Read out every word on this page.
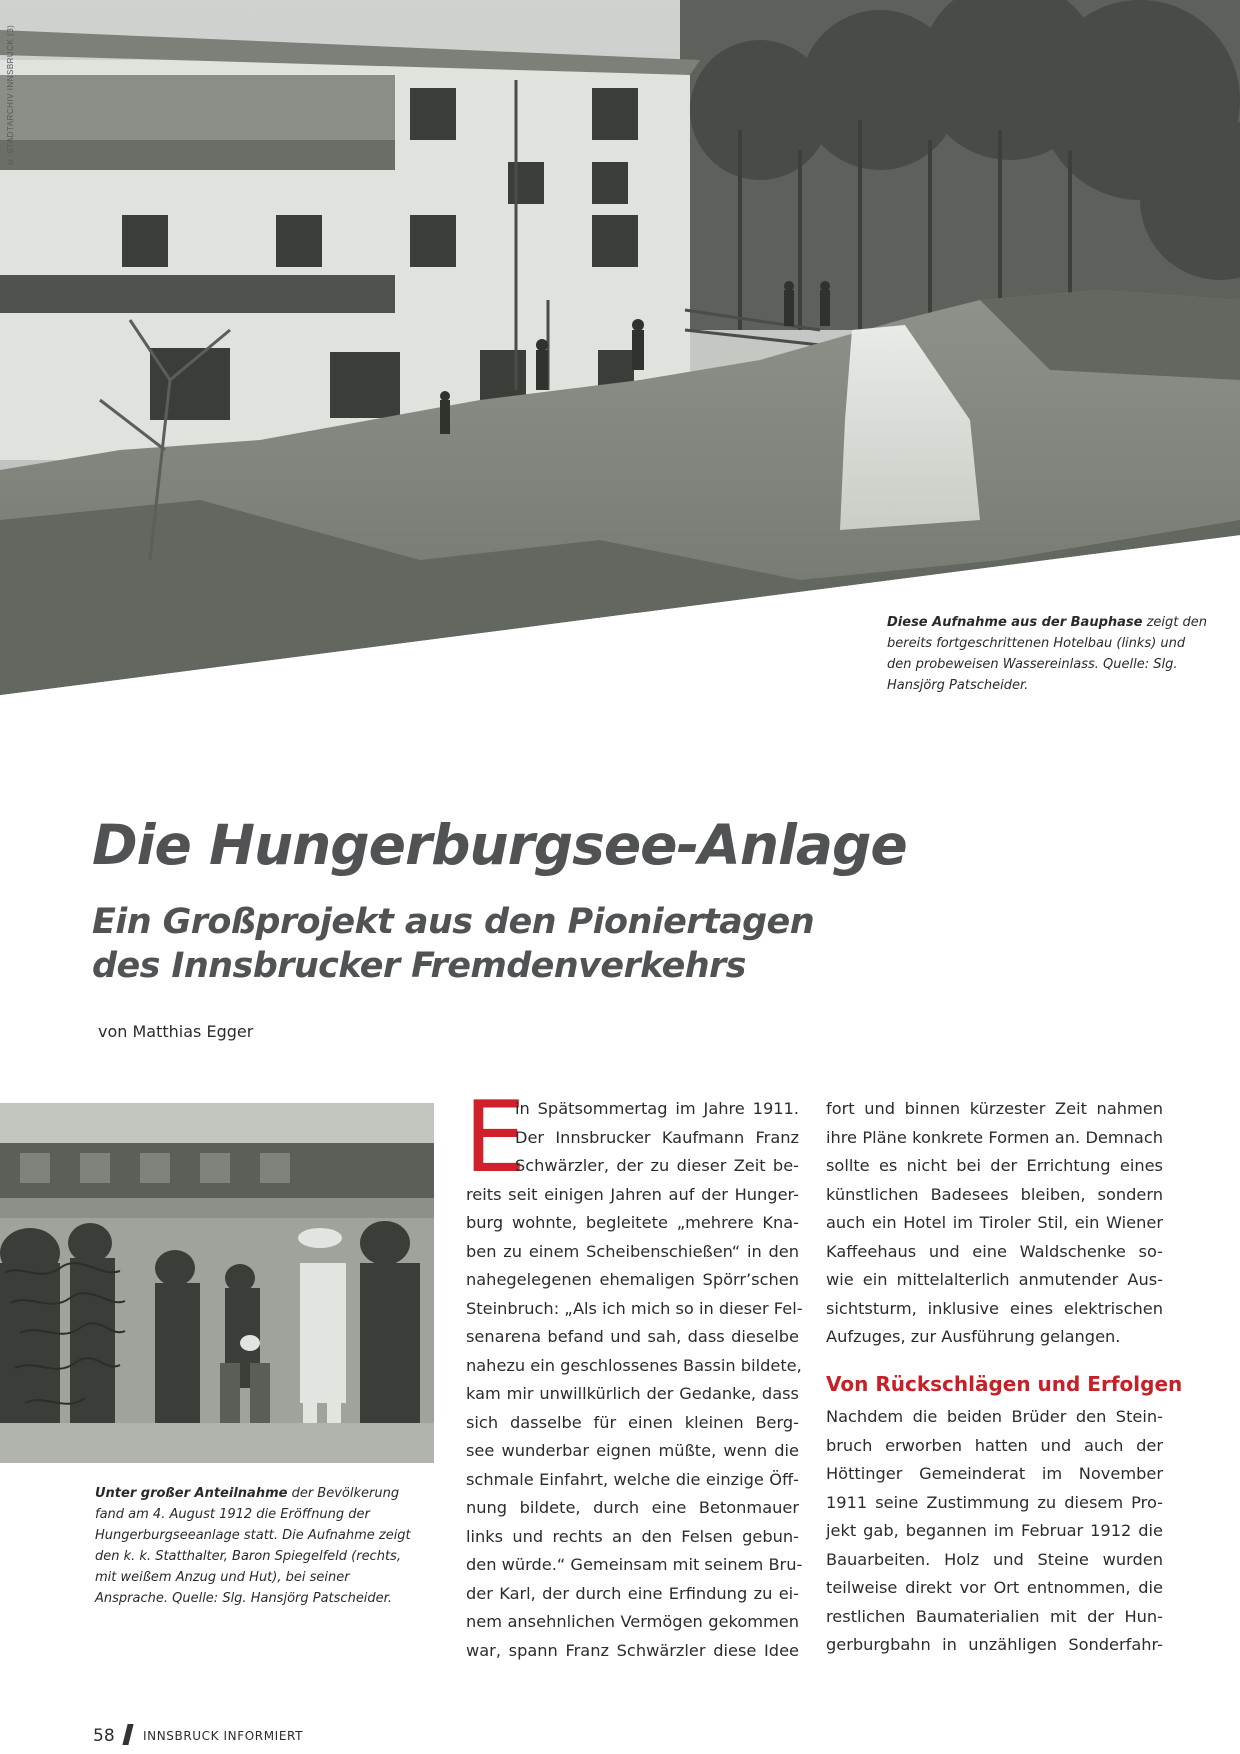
© STADTARCHIV INNSBRUCK (3)
Diese Aufnahme aus der Bauphase zeigt den bereits fortgeschrittenen Hotelbau (links) und den probeweisen Wassereinlass. Quelle: Slg. Hansjörg Patscheider.
Die Hungerburgsee-Anlage
Ein Großprojekt aus den Pioniertagen
des Innsbrucker Fremdenverkehrs
von Matthias Egger
Unter großer Anteilnahme der Bevölkerung fand am 4. August 1912 die Eröffnung der Hungerburgseeanlage statt. Die Aufnahme zeigt den k. k. Statthalter, Baron Spiegelfeld (rechts, mit weißem Anzug und Hut), bei seiner Ansprache. Quelle: Slg. Hansjörg Patscheider.
E
in Spätsommertag im Jahre 1911.
Der Innsbrucker Kaufmann Franz
Schwärzler, der zu dieser Zeit be-
reits seit einigen Jahren auf der Hunger-
burg wohnte, begleitete „mehrere Kna-
ben zu einem Scheibenschießen“ in den
nahegelegenen ehemaligen Spörr’schen
Steinbruch: „Als ich mich so in dieser Fel-
senarena befand und sah, dass dieselbe
nahezu ein geschlossenes Bassin bildete,
kam mir unwillkürlich der Gedanke, dass
sich dasselbe für einen kleinen Berg-
see wunderbar eignen müßte, wenn die
schmale Einfahrt, welche die einzige Öff-
nung bildete, durch eine Betonmauer
links und rechts an den Felsen gebun-
den würde.“ Gemeinsam mit seinem Bru-
der Karl, der durch eine Erfindung zu ei-
nem ansehnlichen Vermögen gekommen
war, spann Franz Schwärzler diese Idee
fort und binnen kürzester Zeit nahmen
ihre Pläne konkrete Formen an. Demnach
sollte es nicht bei der Errichtung eines
künstlichen Badesees bleiben, sondern
auch ein Hotel im Tiroler Stil, ein Wiener
Kaffeehaus und eine Waldschenke so-
wie ein mittelalterlich anmutender Aus-
sichtsturm, inklusive eines elektrischen
Aufzuges, zur Ausführung gelangen.
Von Rückschlägen und Erfolgen
Nachdem die beiden Brüder den Stein-
bruch erworben hatten und auch der
Höttinger Gemeinderat im November
1911 seine Zustimmung zu diesem Pro-
jekt gab, begannen im Februar 1912 die
Bauarbeiten. Holz und Steine wurden
teilweise direkt vor Ort entnommen, die
restlichen Baumaterialien mit der Hun-
gerburgbahn in unzähligen Sonderfahr-
58 INNSBRUCK INFORMIERT
